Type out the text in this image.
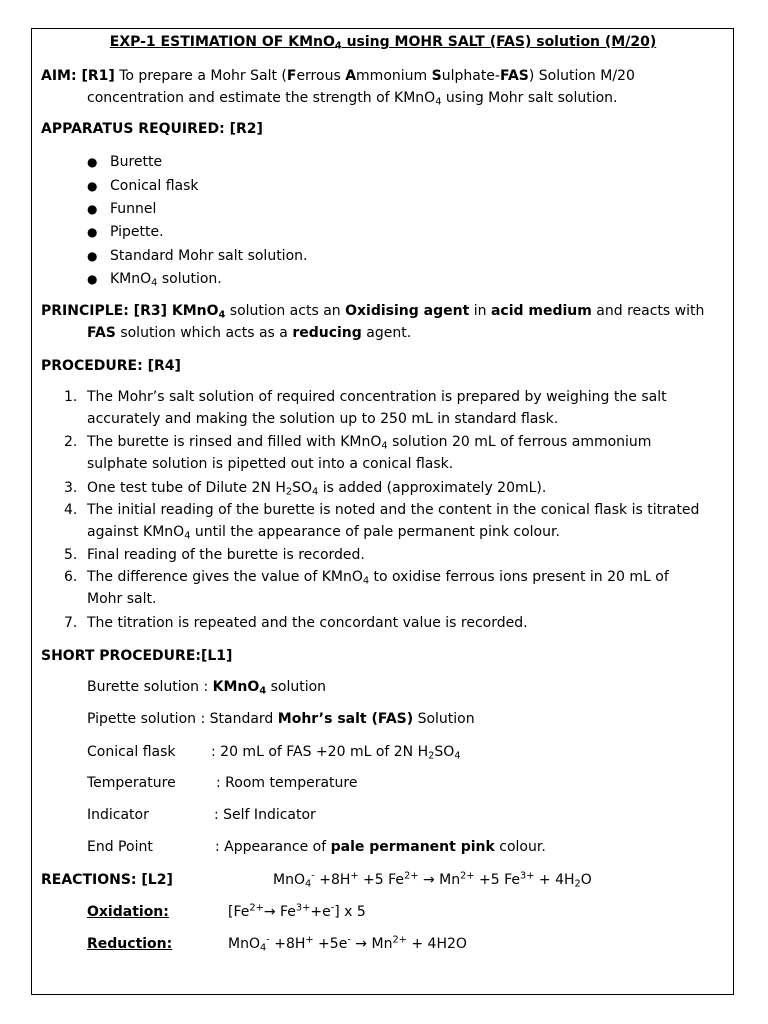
EXP-1 ESTIMATION OF KMnO$_4$ using MOHR SALT (FAS) solution (M/20)
AIM: [R1] To prepare a Mohr Salt (Ferrous Ammonium Sulphate-FAS) Solution M/20
concentration and estimate the strength of KMnO$_4$ using Mohr salt solution.
APPARATUS REQUIRED: [R2]
● Burette
● Conical flask
● Funnel
● Pipette.
● Standard Mohr salt solution.
● KMnO$_4$ solution.
PRINCIPLE: [R3] KMnO$_4$ solution acts an Oxidising agent in acid medium and reacts with
FAS solution which acts as a reducing agent.
PROCEDURE: [R4]
1. The Mohr’s salt solution of required concentration is prepared by weighing the salt
accurately and making the solution up to 250 mL in standard flask.
2. The burette is rinsed and filled with KMnO$_4$ solution 20 mL of ferrous ammonium
sulphate solution is pipetted out into a conical flask.
3. One test tube of Dilute 2N $H_2SO_4$ is added (approximately 20mL).
4. The initial reading of the burette is noted and the content in the conical flask is titrated
against KMnO$_4$ until the appearance of pale permanent pink colour.
5. Final reading of the burette is recorded.
6. The difference gives the value of KMnO$_4$ to oxidise ferrous ions present in 20 mL of
Mohr salt.
7. The titration is repeated and the concordant value is recorded.
SHORT PROCEDURE:[L1]
Burette solution : KMnO$_4$ solution
Pipette solution : Standard Mohr’s salt (FAS) Solution
Conical flask	: 20 mL of FAS +20 mL of 2N $H_2SO_4$
Temperature	: Room temperature
Indicator	: Self Indicator
End Point	: Appearance of pale permanent pink colour.
REACTIONS: [L2]	MnO$_4$- +8H+ +5 $Fe^{2+} \to Mn^{2+} +5$ $Fe^{3+} + 4H_2O$
Oxidation:	$[Fe^{2+}\to Fe^{3+}+e^-]$ x 5
Reduction:	$MnO_4^- +8H^+ +5e^- \to Mn^{2+} + 4H2O$
